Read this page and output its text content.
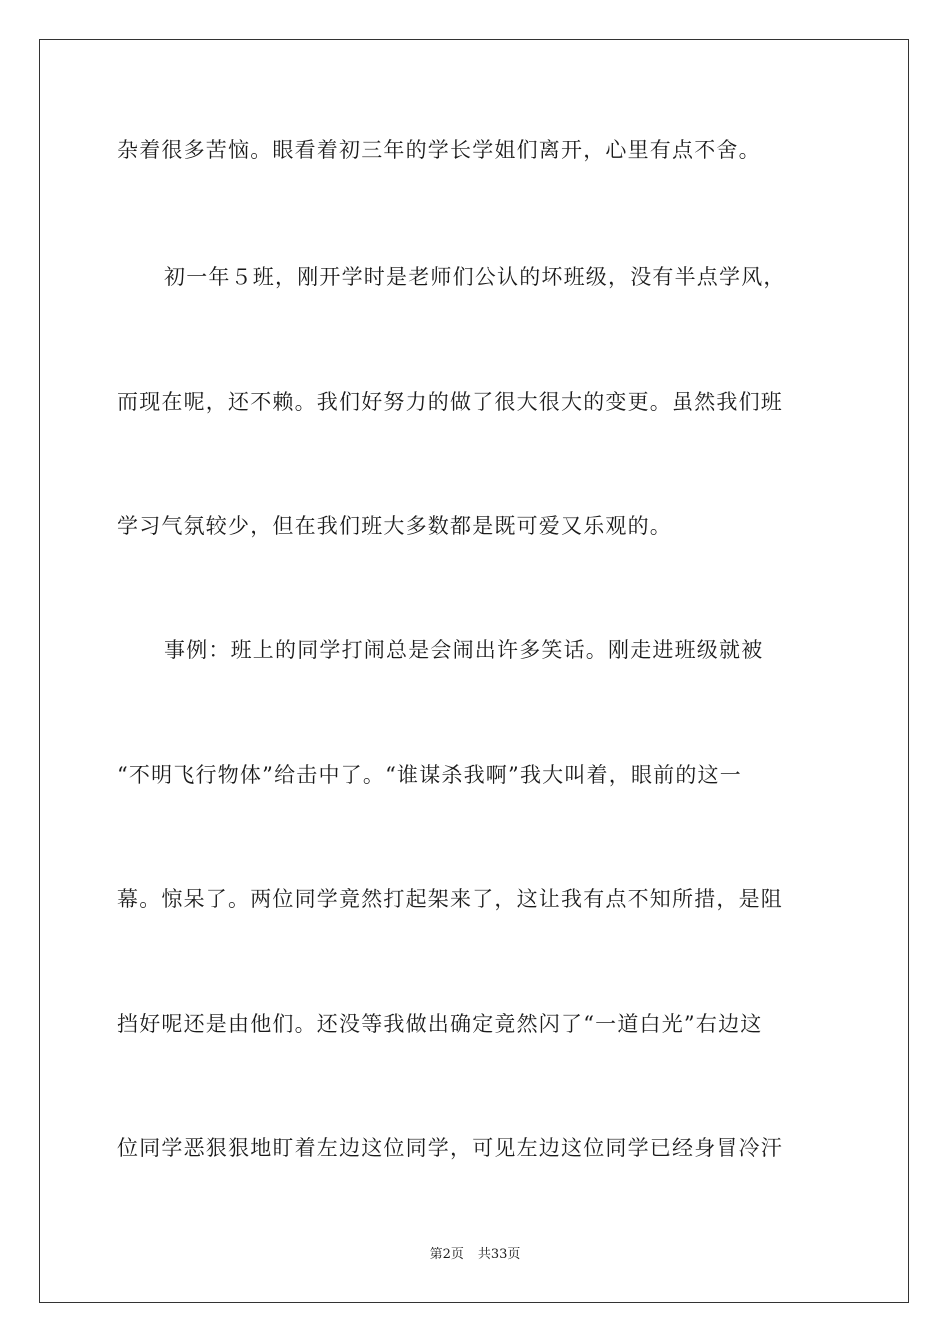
杂着很多苦恼。眼看着初三年的学长学姐们离开，心里有点不舍。
初一年５班，刚开学时是老师们公认的坏班级，没有半点学风，
而现在呢，还不赖。我们好努力的做了很大很大的变更。虽然我们班
学习气氛较少，但在我们班大多数都是既可爱又乐观的。
事例：班上的同学打闹总是会闹出许多笑话。刚走进班级就被
“不明飞行物体”给击中了。“谁谋杀我啊”我大叫着，眼前的这一
幕。惊呆了。两位同学竟然打起架来了，这让我有点不知所措，是阻
挡好呢还是由他们。还没等我做出确定竟然闪了“一道白光”右边这
位同学恶狠狠地盯着左边这位同学，可见左边这位同学已经身冒冷汗
第2页 共33页
